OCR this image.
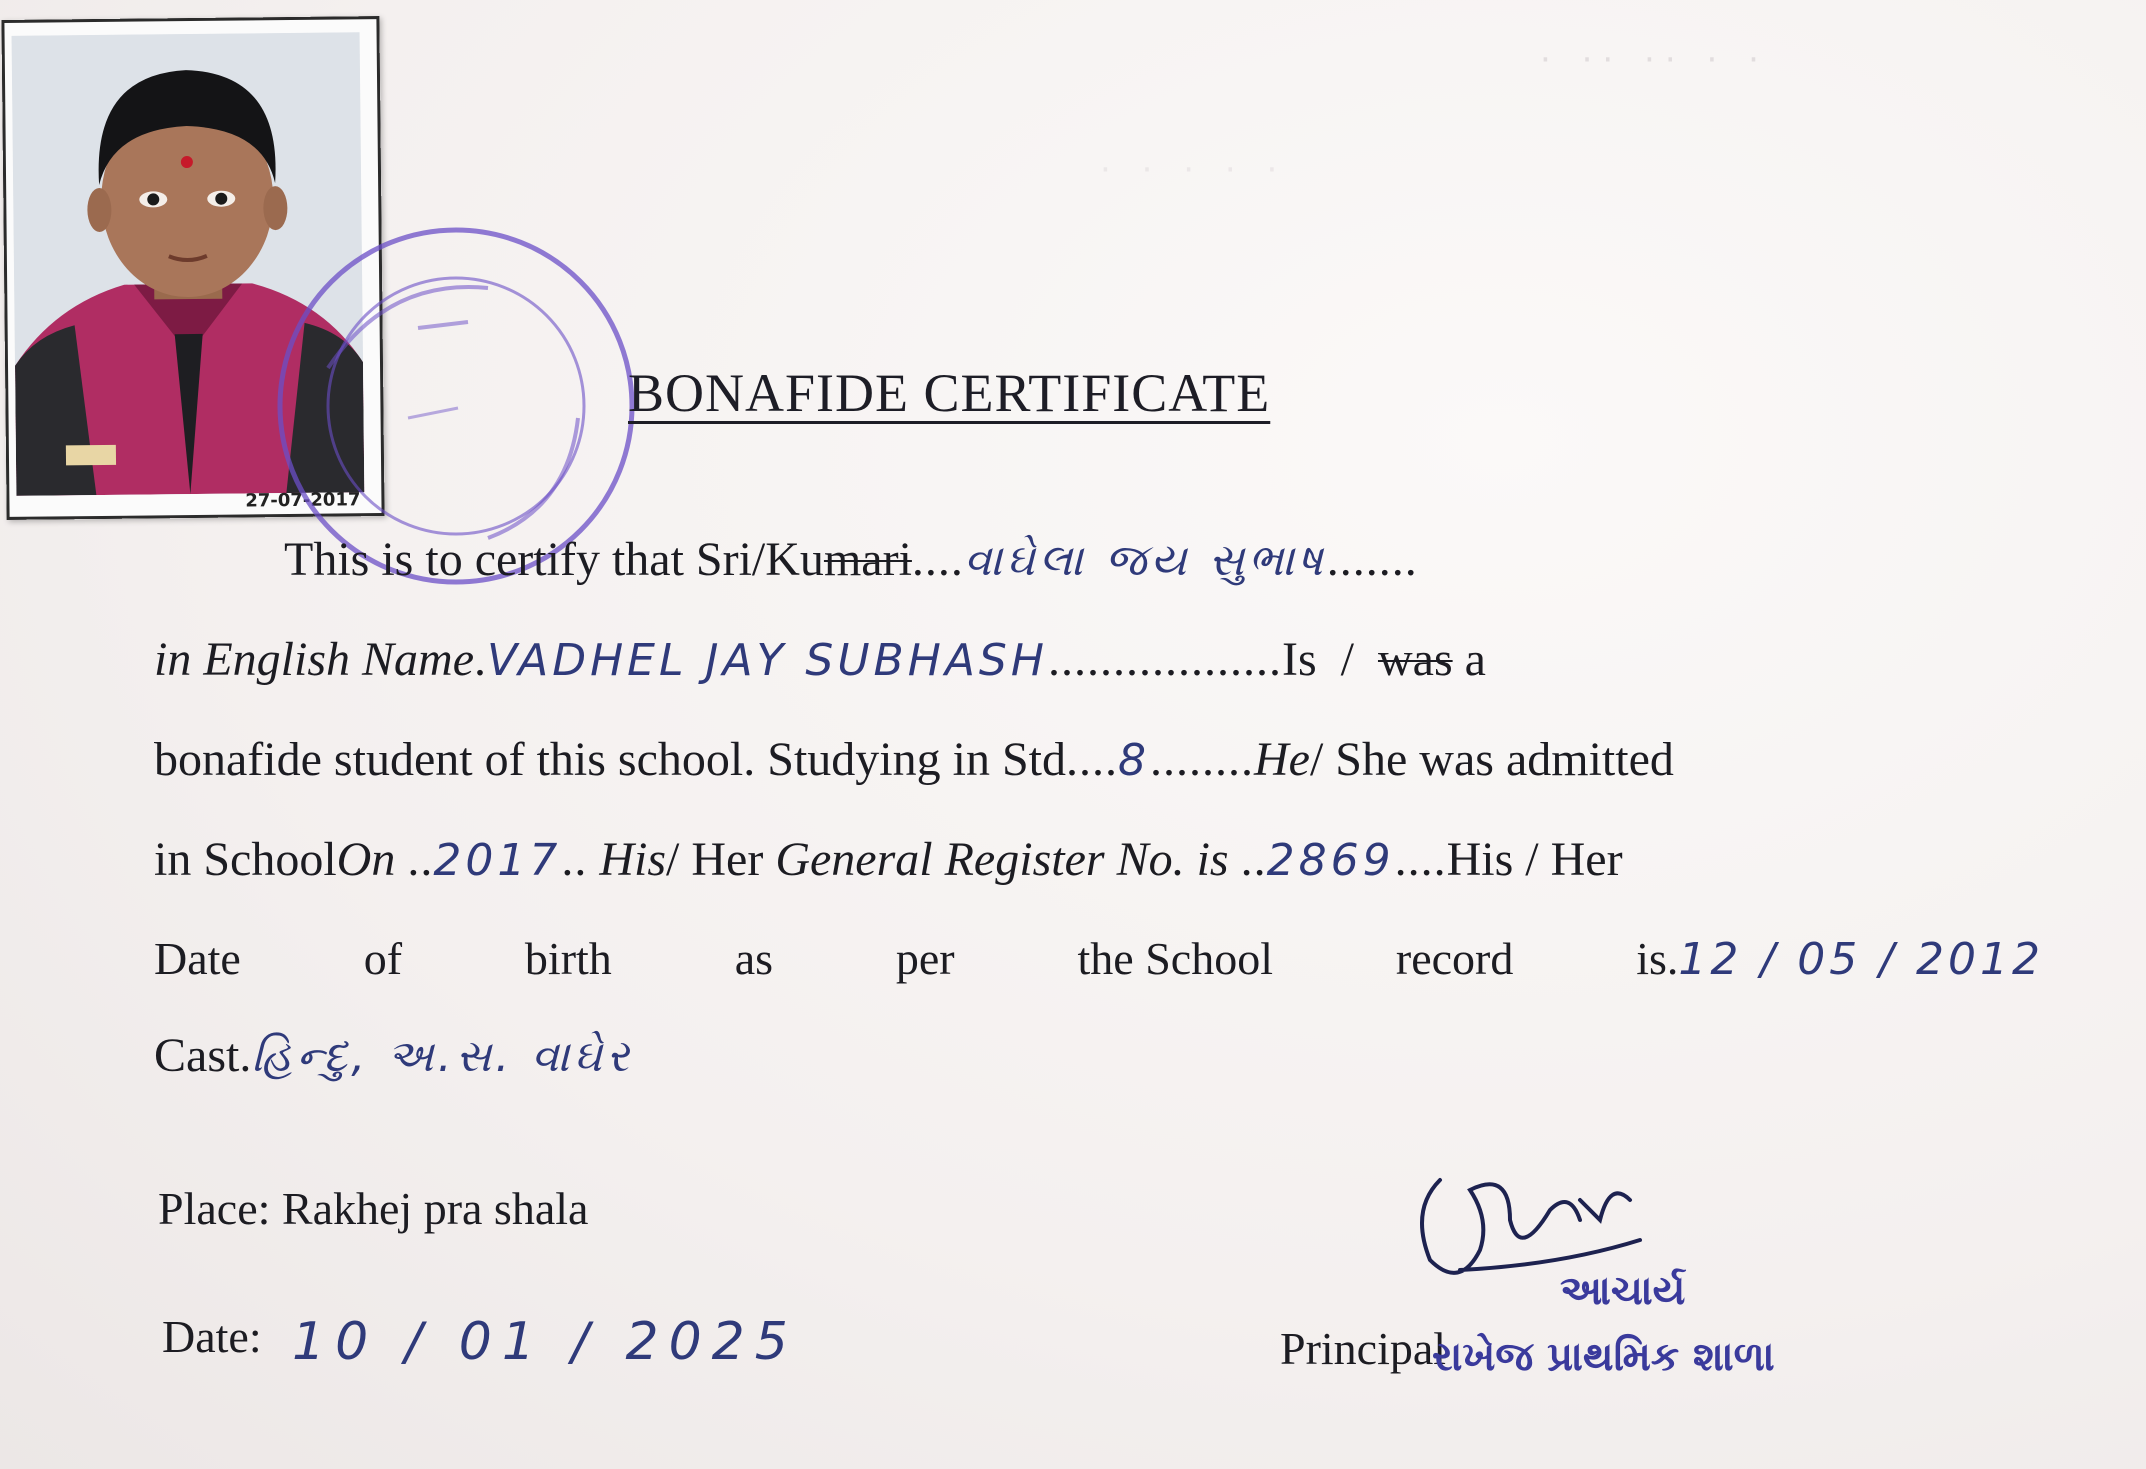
· ·· ·· · ·
· · · · ·
27-07-2017
BONAFIDE CERTIFICATE
This is to certify that Sri/Kumari....વાઘેલા જય સુભાષ.......
in English Name.VADHEL JAY SUBHASH..................Is / was a
bonafide student of this school. Studying in Std....8........He/ She was admitted
in SchoolOn ..2017.. His/ Her General Register No. is ..2869....His / Her
Date	of	birth	as	per	the School	record	is.12 / 05 / 2012
Cast.હિન્દુ, અ.સ. વાઘેર
Place: Rakhej pra shala
Date: 10 / 01 / 2025
આચાર્ય
Principal
રાખેજ પ્રાથમિક શાળા
